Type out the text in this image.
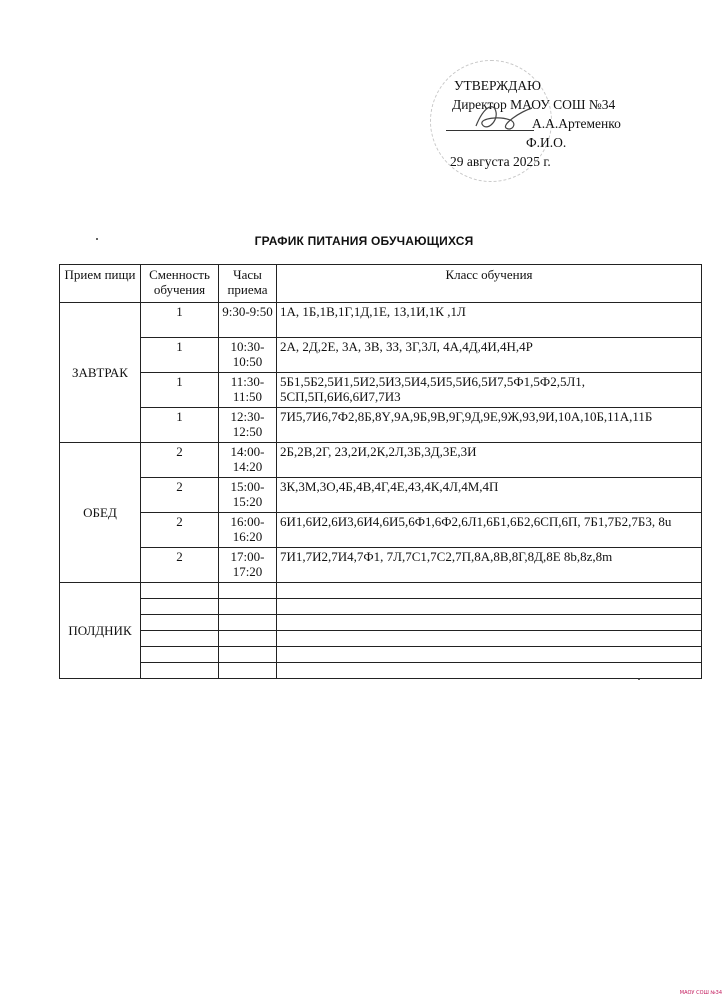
УТВЕРЖДАЮ
Директор МАОУ СОШ №34
А.А.Артеменко
Ф.И.О.
29 августа 2025 г.
ГРАФИК ПИТАНИЯ ОБУЧАЮЩИХСЯ
Прием пищи	Сменность обучения	Часы приема	Класс обучения
ЗАВТРАК	1	9:30-9:50	1А, 1Б,1В,1Г,1Д,1Е, 1З,1И,1К ,1Л
	1	10:30-10:50	2А, 2Д,2Е, 3А, 3В, 3З, 3Г,3Л, 4А,4Д,4И,4Н,4Р
	1	11:30-11:50	5Б1,5Б2,5И1,5И2,5И3,5И4,5И5,5И6,5И7,5Ф1,5Ф2,5Л1, 5СП,5П,6И6,6И7,7И3
	1	12:30-12:50	7И5,7И6,7Ф2,8Б,8Ү,9А,9Б,9В,9Г,9Д,9Е,9Ж,9З,9И,10А,10Б,11А,11Б
ОБЕД	2	14:00-14:20	2Б,2В,2Г, 2З,2И,2К,2Л,3Б,3Д,3Е,3И
	2	15:00-15:20	3К,3М,3О,4Б,4В,4Г,4Е,4З,4К,4Л,4М,4П
	2	16:00-16:20	6И1,6И2,6И3,6И4,6И5,6Ф1,6Ф2,6Л1,6Б1,6Б2,6СП,6П, 7Б1,7Б2,7Б3, 8u
	2	17:00-17:20	7И1,7И2,7И4,7Ф1, 7Л,7С1,7С2,7П,8А,8В,8Г,8Д,8Е 8b,8z,8m
ПОЛДНИК			

МАОУ СОШ №34
